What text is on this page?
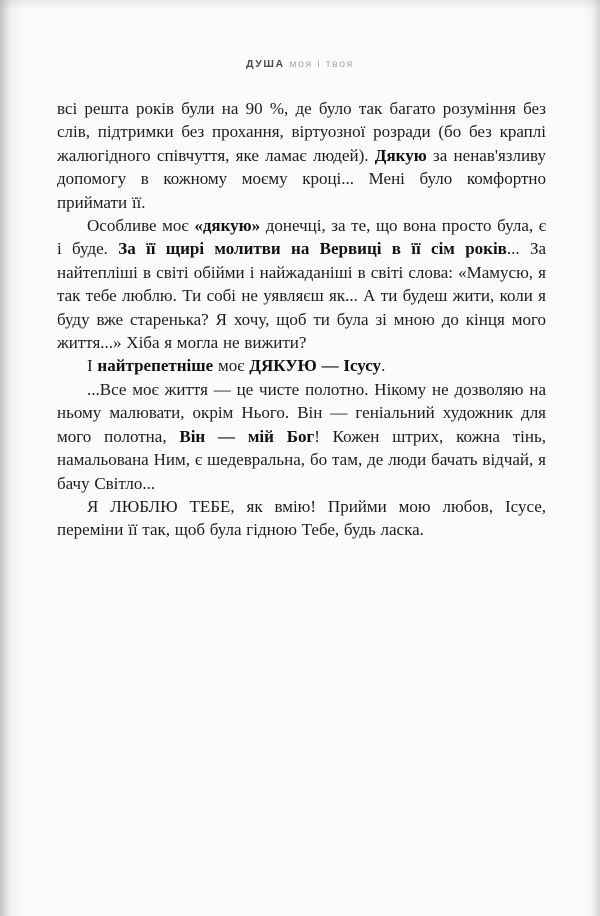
ДУША моя і твоя

всі решта років були на 90 %, де було так багато розуміння без слів, підтримки без прохання, віртуозної розради (бо без краплі жалюгідного співчуття, яке ламає людей). Дякую за ненав'язливу допомогу в кожному моєму кроці... Мені було комфортно приймати її.

Особливе моє «дякую» донечці, за те, що вона просто була, є і буде. За її щирі молитви на Вервиці в її сім років... За найтепліші в світі обійми і найжаданіші в світі слова: «Мамусю, я так тебе люблю. Ти собі не уявляєш як... А ти будеш жити, коли я буду вже старенька? Я хочу, щоб ти була зі мною до кінця мого життя...» Хіба я могла не вижити?

І найтрепетніше моє ДЯКУЮ — Ісусу.

...Все моє життя — це чисте полотно. Нікому не дозволяю на ньому малювати, окрім Нього. Він — геніальний художник для мого полотна, Він — мій Бог! Кожен штрих, кожна тінь, намальована Ним, є шедевральна, бо там, де люди бачать відчай, я бачу Світло...

Я ЛЮБЛЮ ТЕБЕ, як вмію! Прийми мою любов, Ісусе, переміни її так, щоб була гідною Тебе, будь ласка.
